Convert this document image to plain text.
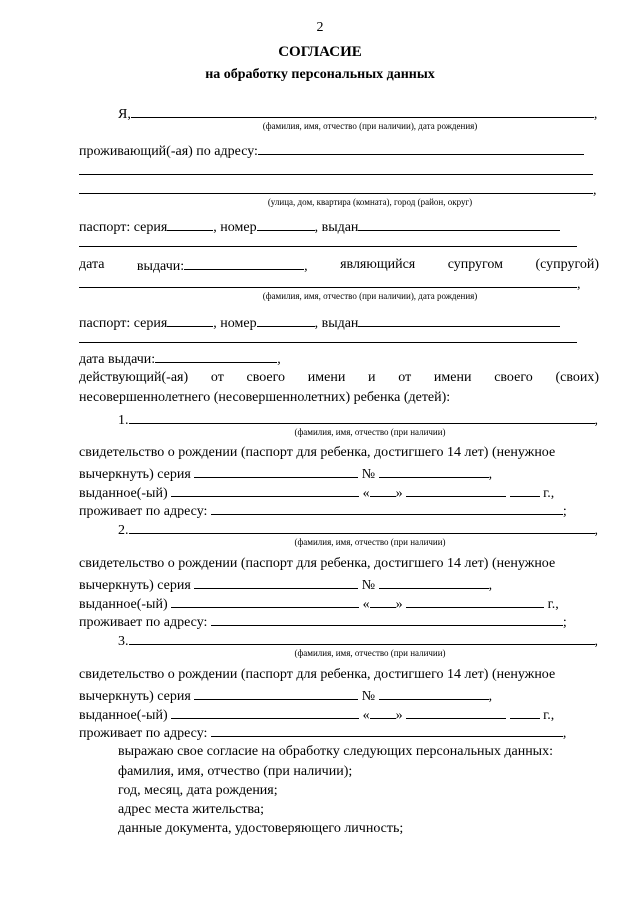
2
СОГЛАСИЕ
на обработку персональных данных
Я,	,
(фамилия, имя, отчество (при наличии), дата рождения)
проживающий(-ая) по адресу:
,
(улица, дом, квартира (комната), город (район, округ)
паспорт: серия	, номер	, выдан
дата выдачи:	, являющийся супругом (супругой)
,
(фамилия, имя, отчество (при наличии), дата рождения)
паспорт: серия	, номер	, выдан
дата выдачи:	,
действующий(-ая) от своего имени и от имени своего (своих)
несовершеннолетнего (несовершеннолетних) ребенка (детей):
1.	,
(фамилия, имя, отчество (при наличии)
свидетельство о рождении (паспорт для ребенка, достигшего 14 лет) (ненужное
вычеркнуть) серия	№	,
выданное(-ый)	« »	г.,
проживает по адресу:	;
2.	,
(фамилия, имя, отчество (при наличии)
свидетельство о рождении (паспорт для ребенка, достигшего 14 лет) (ненужное
вычеркнуть) серия	№	,
выданное(-ый)	« »	г.,
проживает по адресу:	;
3.	,
(фамилия, имя, отчество (при наличии)
свидетельство о рождении (паспорт для ребенка, достигшего 14 лет) (ненужное
вычеркнуть) серия	№	,
выданное(-ый)	« »	г.,
проживает по адресу:	,
выражаю свое согласие на обработку следующих персональных данных:
фамилия, имя, отчество (при наличии);
год, месяц, дата рождения;
адрес места жительства;
данные документа, удостоверяющего личность;
